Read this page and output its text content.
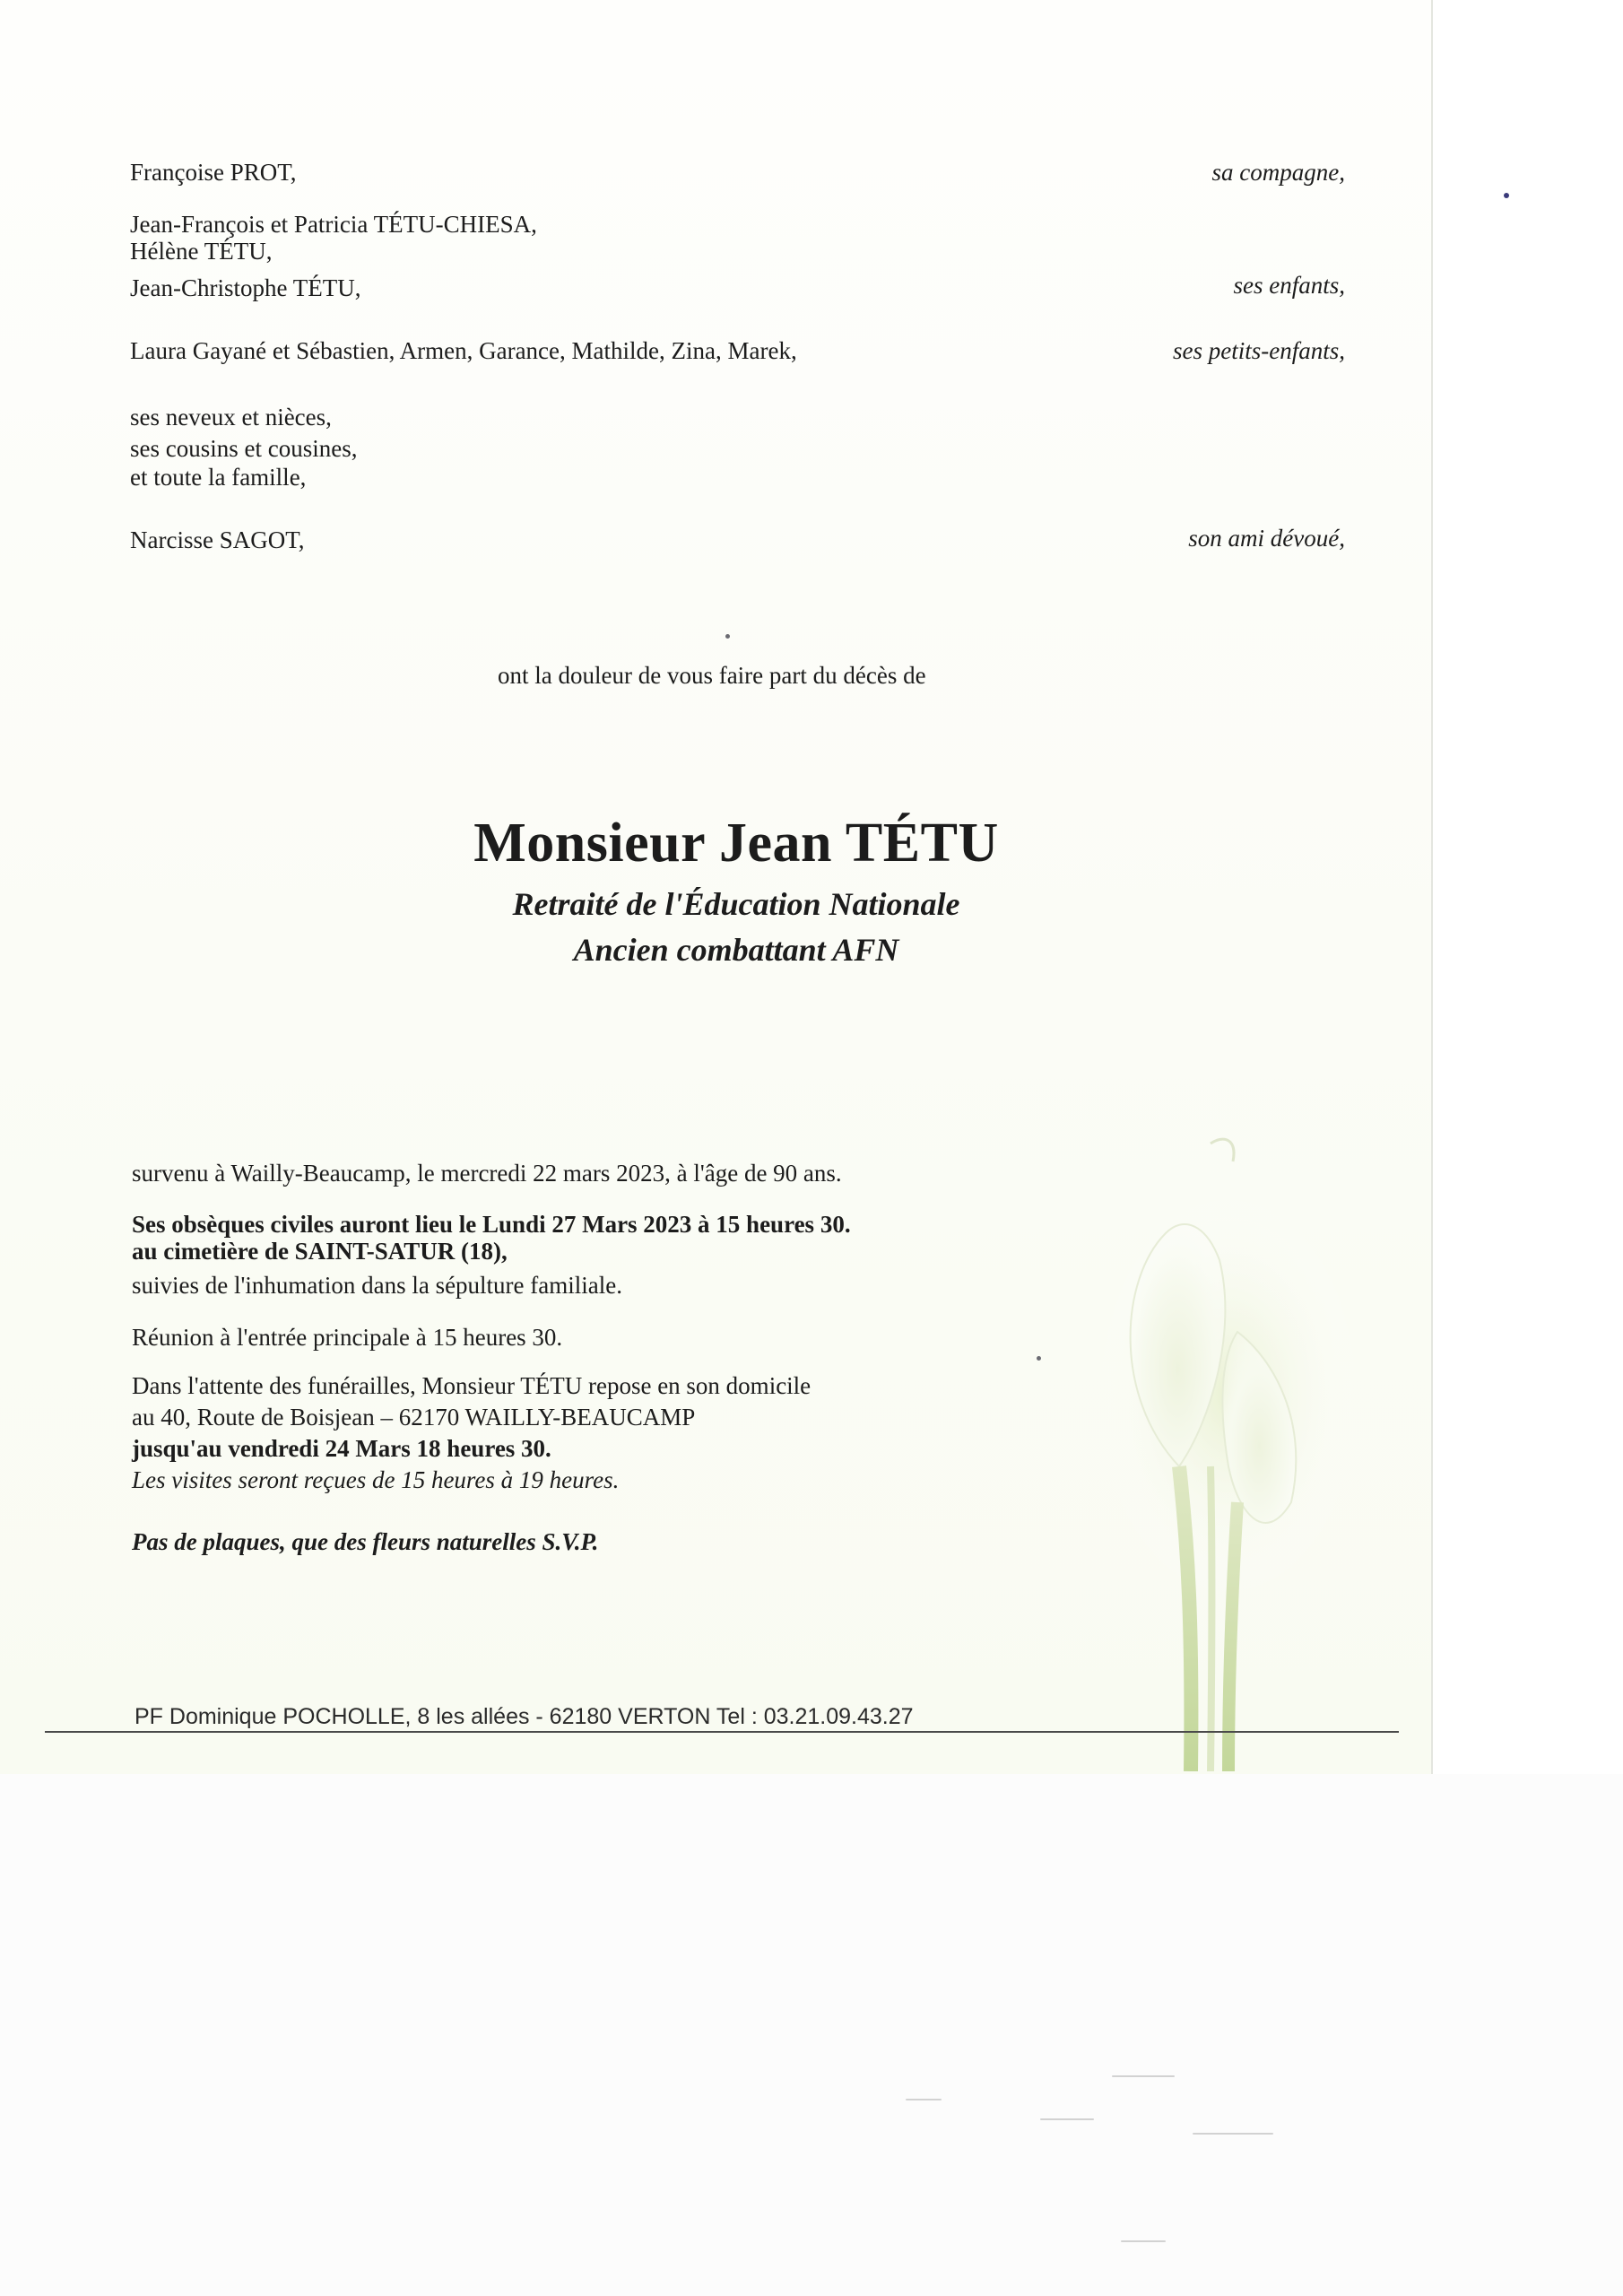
Françoise PROT,	sa compagne,
Jean-François et Patricia TÉTU-CHIESA,
Hélène TÉTU,
Jean-Christophe TÉTU,	ses enfants,
Laura Gayané et Sébastien, Armen, Garance, Mathilde, Zina, Marek,	ses petits-enfants,
ses neveux et nièces,
ses cousins et cousines,
et toute la famille,
Narcisse SAGOT,	son ami dévoué,
ont la douleur de vous faire part du décès de
Monsieur Jean TÉTU
Retraité de l'Éducation Nationale
Ancien combattant AFN
survenu à Wailly-Beaucamp, le mercredi 22 mars 2023, à l'âge de 90 ans.
Ses obsèques civiles auront lieu le Lundi 27 Mars 2023 à 15 heures 30.
au cimetière de SAINT-SATUR (18),
suivies de l'inhumation dans la sépulture familiale.
Réunion à l'entrée principale à 15 heures 30.
Dans l'attente des funérailles, Monsieur TÉTU repose en son domicile
au 40, Route de Boisjean – 62170 WAILLY-BEAUCAMP
jusqu'au vendredi 24 Mars 18 heures 30.
Les visites seront reçues de 15 heures à 19 heures.
Pas de plaques, que des fleurs naturelles S.V.P.
PF Dominique POCHOLLE, 8 les allées - 62180 VERTON Tel : 03.21.09.43.27
